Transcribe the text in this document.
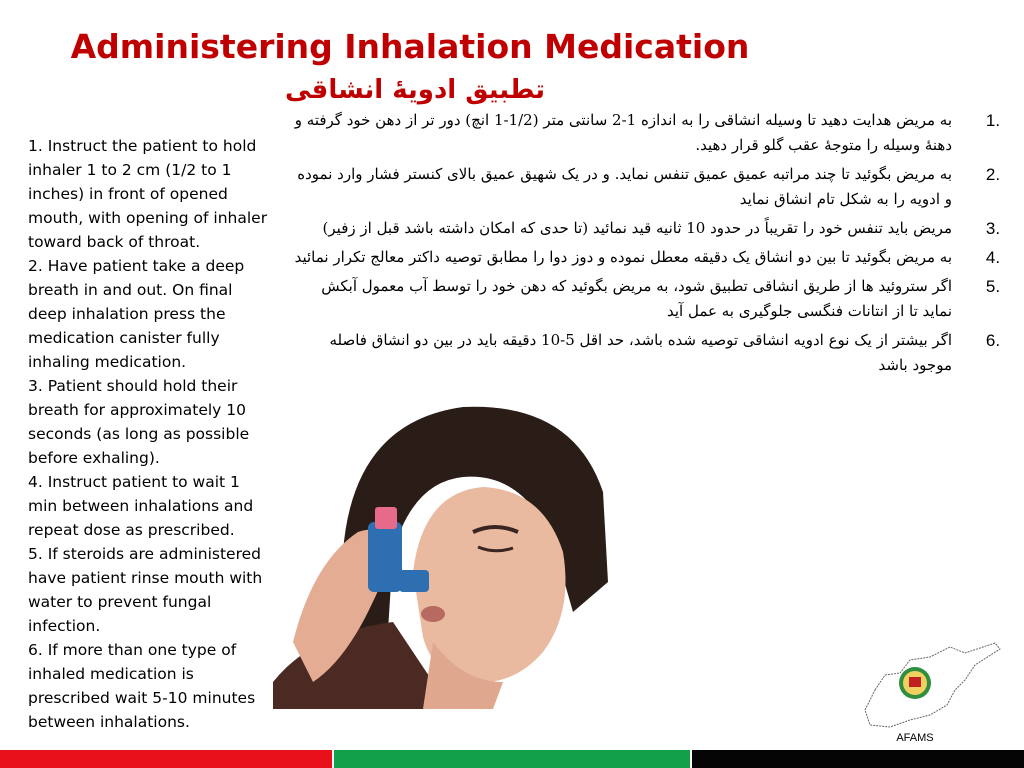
Administering Inhalation Medication
تطبیق ادویهٔ انشاقی

1. Instruct the patient to hold inhaler 1 to 2 cm (1/2 to 1 inches) in front of opened mouth, with opening of inhaler toward back of throat.

2. Have patient take a deep breath in and out. On final deep inhalation press the medication canister fully inhaling medication.

3. Patient should hold their breath for approximately 10 seconds (as long as possible before exhaling).

4. Instruct patient to wait 1 min between inhalations and repeat dose as prescribed.

5. If steroids are administered have patient rinse mouth with water to prevent fungal infection.

6. If more than one type of inhaled medication is prescribed wait 5-10 minutes between inhalations.

1.
به مریض هدایت دهید تا وسیله انشاقی را به اندازه 1-2 سانتی متر (1/2-1 انچ) دور تر از دهن خود گرفته و دهنهٔ وسیله را متوجهٔ عقب گلو قرار دهید.
2.
به مریض بگوئید تا چند مراتبه عمیق عمیق تنفس نماید. و در یک شهیق عمیق بالای کنستر فشار وارد نموده و ادویه را به شکل تام انشاق نماید
3.
مریض باید تنفس خود را تقریباً در حدود 10 ثانیه قید نمائید (تا حدی که امکان داشته باشد قبل از زفیر)
4.
به مریض بگوئید تا بین دو انشاق یک دقیقه معطل نموده و دوز دوا را مطابق توصیه داکتر معالج تکرار نمائید
5.
اگر ستروئید ها از طریق انشاقی تطبیق شود، به مریض بگوئید که دهن خود را توسط آب معمول آبکش نماید تا از انتانات فنگسی جلوگیری به عمل آید
6.
اگر بیشتر از یک نوع ادویه انشاقی توصیه شده باشد، حد اقل 5-10 دقیقه باید در بین دو انشاق فاصله موجود باشد
AFAMS
